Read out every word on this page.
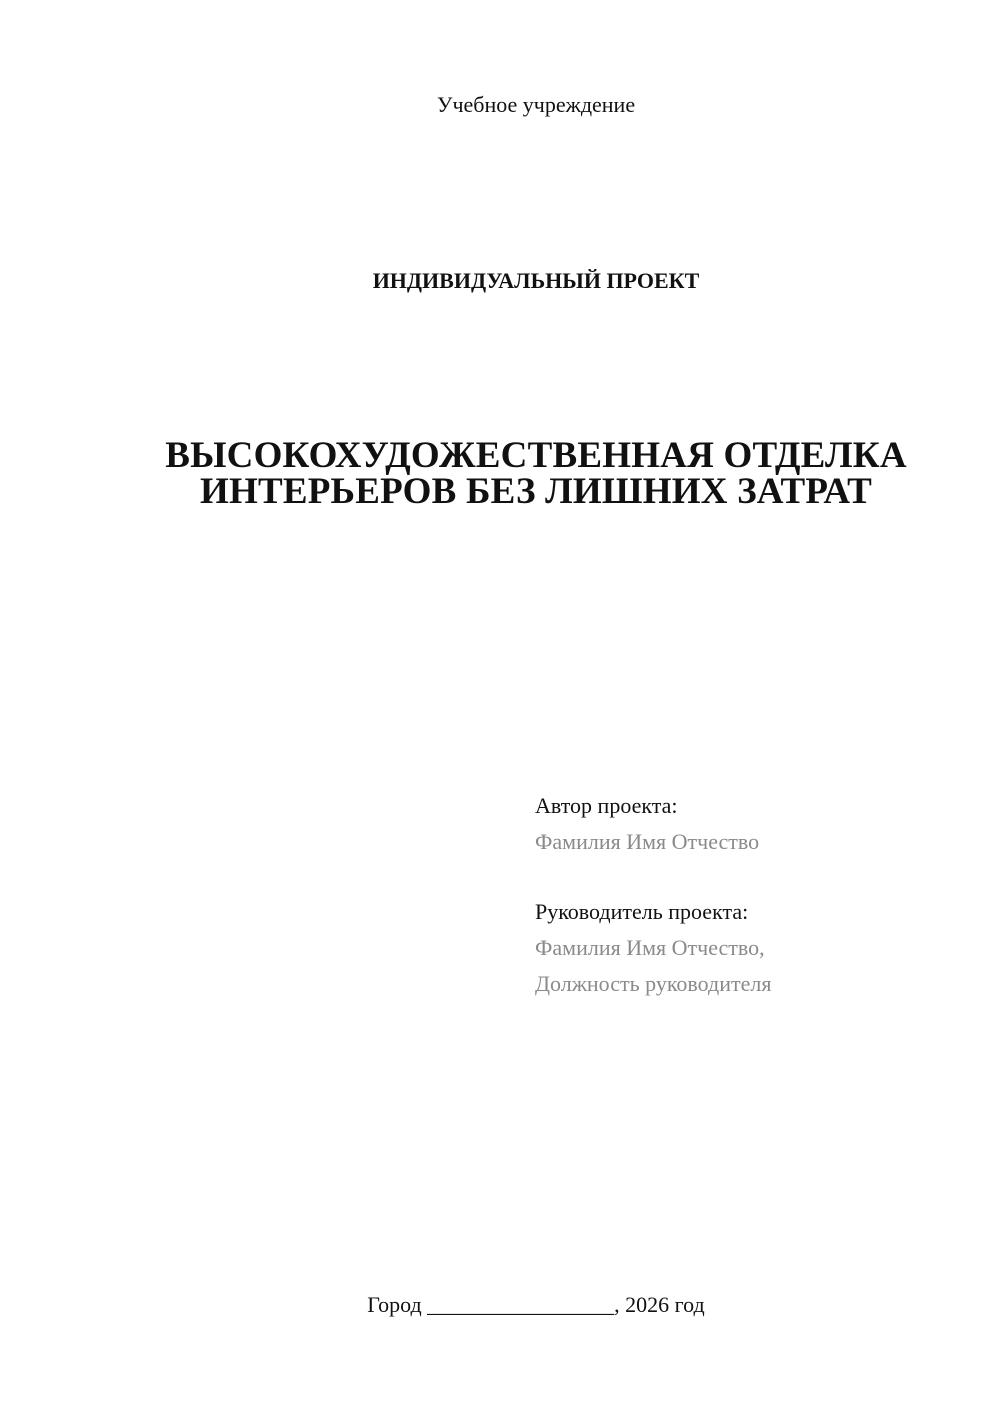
Учебное учреждение
ИНДИВИДУАЛЬНЫЙ ПРОЕКТ
ВЫСОКОХУДОЖЕСТВЕННАЯ ОТДЕЛКА
ИНТЕРЬЕРОВ БЕЗ ЛИШНИХ ЗАТРАТ
Автор проекта:
Фамилия Имя Отчество
Руководитель проекта:
Фамилия Имя Отчество,
Должность руководителя
Город _________________, 2026 год
